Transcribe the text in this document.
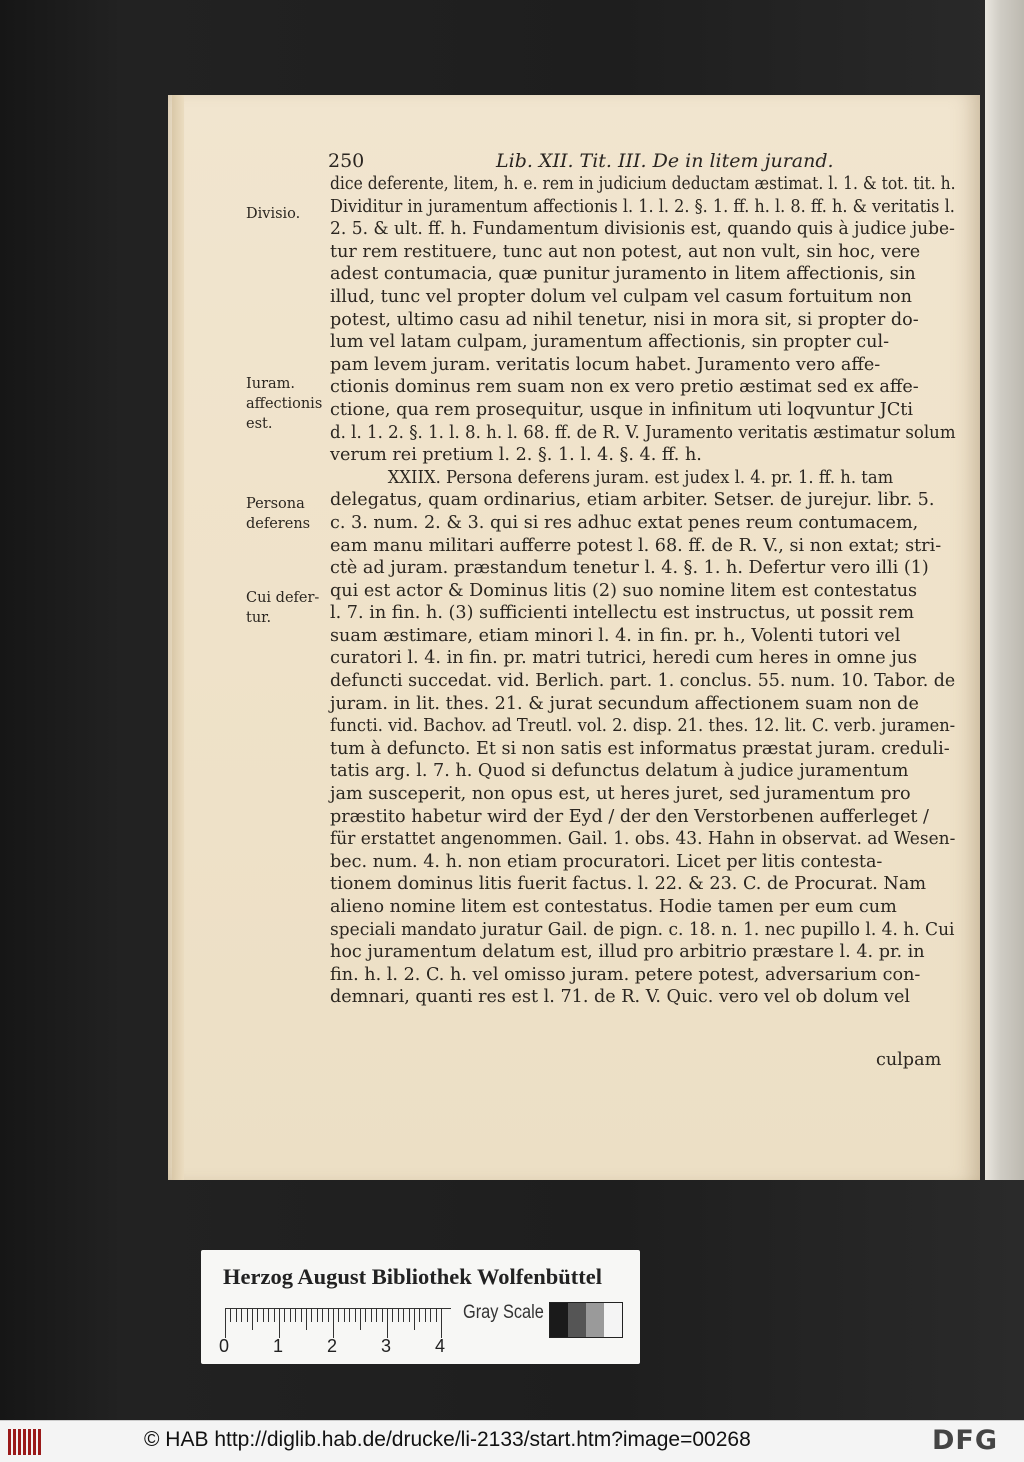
250	Lib. XII. Tit. III. De in litem jurand.
dice deferente, litem, h. e. rem in judicium deductam æstimat. l. 1. & tot. tit. h.
Dividitur in juramentum affectionis l. 1. l. 2. §. 1. ff. h. l. 8. ff. h. & veritatis l.
2. 5. & ult. ff. h. Fundamentum divisionis est, quando quis à judice jube-
tur rem restituere, tunc aut non potest, aut non vult, sin hoc, vere
adest contumacia, quæ punitur juramento in litem affectionis, sin
illud, tunc vel propter dolum vel culpam vel casum fortuitum non
potest, ultimo casu ad nihil tenetur, nisi in mora sit, si propter do-
lum vel latam culpam, juramentum affectionis, sin propter cul-
pam levem juram. veritatis locum habet. Juramento vero affe-
ctionis dominus rem suam non ex vero pretio æstimat sed ex affe-
ctione, qua rem prosequitur, usque in infinitum uti loqvuntur JCti
d. l. 1. 2. §. 1. l. 8. h. l. 68. ff. de R. V. Juramento veritatis æstimatur solum
verum rei pretium l. 2. §. 1. l. 4. §. 4. ff. h.
XXIIX. Persona deferens juram. est judex l. 4. pr. 1. ff. h. tam
delegatus, quam ordinarius, etiam arbiter. Setser. de jurejur. libr. 5.
c. 3. num. 2. & 3. qui si res adhuc extat penes reum contumacem,
eam manu militari aufferre potest l. 68. ff. de R. V., si non extat; stri-
ctè ad juram. præstandum tenetur l. 4. §. 1. h. Defertur vero illi (1)
qui est actor & Dominus litis (2) suo nomine litem est contestatus
l. 7. in fin. h. (3) sufficienti intellectu est instructus, ut possit rem
suam æstimare, etiam minori l. 4. in fin. pr. h., Volenti tutori vel
curatori l. 4. in fin. pr. matri tutrici, heredi cum heres in omne jus
defuncti succedat. vid. Berlich. part. 1. conclus. 55. num. 10. Tabor. de
juram. in lit. thes. 21. & jurat secundum affectionem suam non de
functi. vid. Bachov. ad Treutl. vol. 2. disp. 21. thes. 12. lit. C. verb. juramen-
tum à defuncto. Et si non satis est informatus præstat juram. creduli-
tatis arg. l. 7. h. Quod si defunctus delatum à judice juramentum
jam susceperit, non opus est, ut heres juret, sed juramentum pro
præstito habetur wird der Eyd / der den Verstorbenen aufferleget /
für erstattet angenommen. Gail. 1. obs. 43. Hahn in observat. ad Wesen-
bec. num. 4. h. non etiam procuratori. Licet per litis contesta-
tionem dominus litis fuerit factus. l. 22. & 23. C. de Procurat. Nam
alieno nomine litem est contestatus. Hodie tamen per eum cum
speciali mandato juratur Gail. de pign. c. 18. n. 1. nec pupillo l. 4. h. Cui
hoc juramentum delatum est, illud pro arbitrio præstare l. 4. pr. in
fin. h. l. 2. C. h. vel omisso juram. petere potest, adversarium con-
demnari, quanti res est l. 71. de R. V. Quic. vero vel ob dolum vel
Divisio.
Iuram.
affectionis
est.
Persona
deferens
Cui defer-
tur.
culpam
Herzog August Bibliothek Wolfenbüttel
Gray Scale
0 1 2 3 4
© HAB http://diglib.hab.de/drucke/li-2133/start.htm?image=00268	DFG
